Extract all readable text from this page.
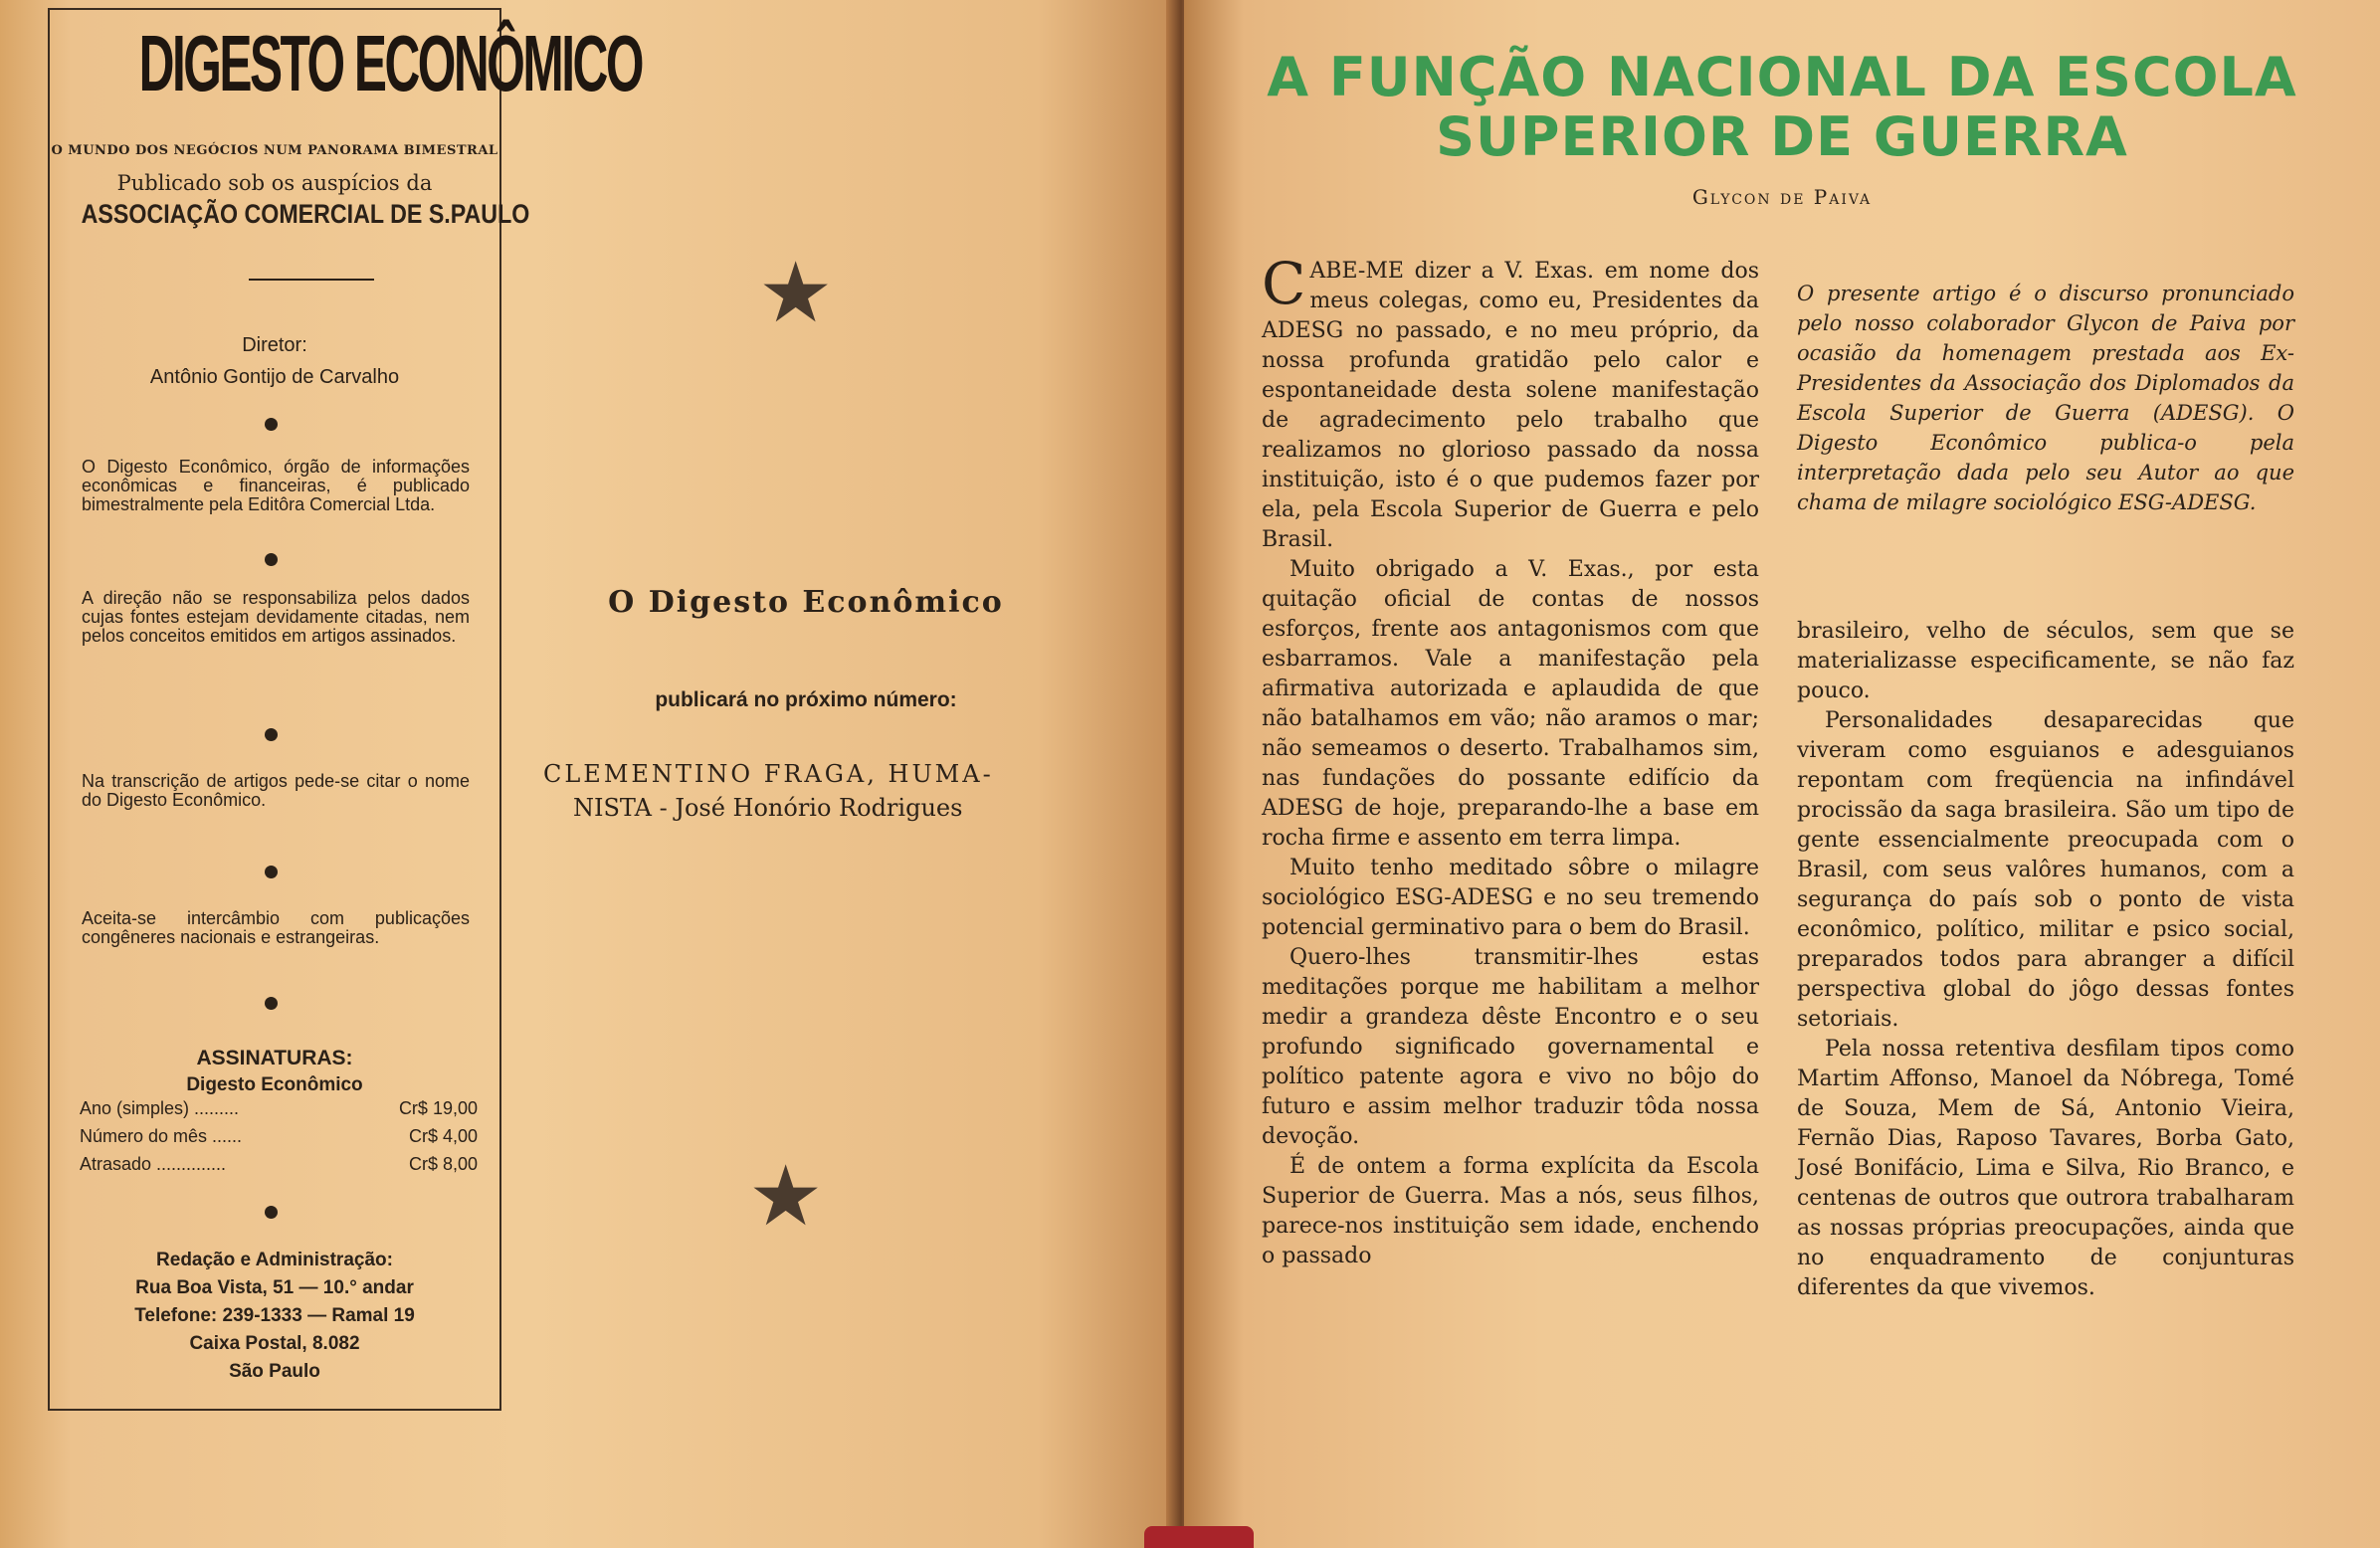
DIGESTO ECONÔMICO
O MUNDO DOS NEGÓCIOS NUM PANORAMA BIMESTRAL
Publicado sob os auspícios da
ASSOCIAÇÃO COMERCIAL DE S.PAULO
Diretor:
Antônio Gontijo de Carvalho
O Digesto Econômico, órgão de informações econômicas e financeiras, é publicado bimestralmente pela Editôra Comercial Ltda.
A direção não se responsabiliza pelos dados cujas fontes estejam devidamente citadas, nem pelos conceitos emitidos em artigos assinados.
Na transcrição de artigos pede-se citar o nome do Digesto Econômico.
Aceita-se intercâmbio com publicações congêneres nacionais e estrangeiras.
ASSINATURAS:
Digesto Econômico
Ano (simples) .........	Cr$ 19,00
Número do mês ......	Cr$ 4,00
Atrasado ..............	Cr$ 8,00
Redação e Administração:
Rua Boa Vista, 51 — 10.° andar
Telefone: 239-1333 — Ramal 19
Caixa Postal, 8.082
São Paulo
★
O Digesto Econômico
publicará no próximo número:
CLEMENTINO FRAGA, HUMA-
NISTA - José Honório Rodrigues
★
A FUNÇÃO NACIONAL DA ESCOLA
SUPERIOR DE GUERRA
Glycon de Paiva

CABE-ME dizer a V. Exas. em nome dos meus colegas, como eu, Presidentes da ADESG no passado, e no meu próprio, da nossa profunda gratidão pelo calor e espontaneidade desta solene manifestação de agradecimento pelo trabalho que realizamos no glorioso passado da nossa instituição, isto é o que pudemos fazer por ela, pela Escola Superior de Guerra e pelo Brasil.

Muito obrigado a V. Exas., por esta quitação oficial de contas de nossos esforços, frente aos antagonismos com que esbarramos. Vale a manifestação pela afirmativa autorizada e aplaudida de que não batalhamos em vão; não aramos o mar; não semeamos o deserto. Trabalhamos sim, nas fundações do possante edifício da ADESG de hoje, preparando-lhe a base em rocha firme e assento em terra limpa.

Muito tenho meditado sôbre o milagre sociológico ESG-ADESG e no seu tremendo potencial germinativo para o bem do Brasil.

Quero-lhes transmitir-lhes estas meditações porque me habilitam a melhor medir a grandeza dêste Encontro e o seu profundo significado governamental e político patente agora e vivo no bôjo do futuro e assim melhor traduzir tôda nossa devoção.

É de ontem a forma explícita da Escola Superior de Guerra. Mas a nós, seus filhos, parece-nos instituição sem idade, enchendo o passado

O presente artigo é o discurso pronunciado pelo nosso colaborador Glycon de Paiva por ocasião da homenagem prestada aos Ex-Presidentes da Associação dos Diplomados da Escola Superior de Guerra (ADESG). O Digesto Econômico publica-o pela interpretação dada pelo seu Autor ao que chama de milagre sociológico ESG-ADESG.

brasileiro, velho de séculos, sem que se materializasse especificamente, se não faz pouco.

Personalidades desaparecidas que viveram como esguianos e adesguianos repontam com freqüencia na infindável procissão da saga brasileira. São um tipo de gente essencialmente preocupada com o Brasil, com seus valôres humanos, com a segurança do país sob o ponto de vista econômico, político, militar e psico social, preparados todos para abranger a difícil perspectiva global do jôgo dessas fontes setoriais.

Pela nossa retentiva desfilam tipos como Martim Affonso, Manoel da Nóbrega, Tomé de Souza, Mem de Sá, Antonio Vieira, Fernão Dias, Raposo Tavares, Borba Gato, José Bonifácio, Lima e Silva, Rio Branco, e centenas de outros que outrora trabalharam as nossas próprias preocupações, ainda que no enquadramento de conjunturas diferentes da que vivemos.
